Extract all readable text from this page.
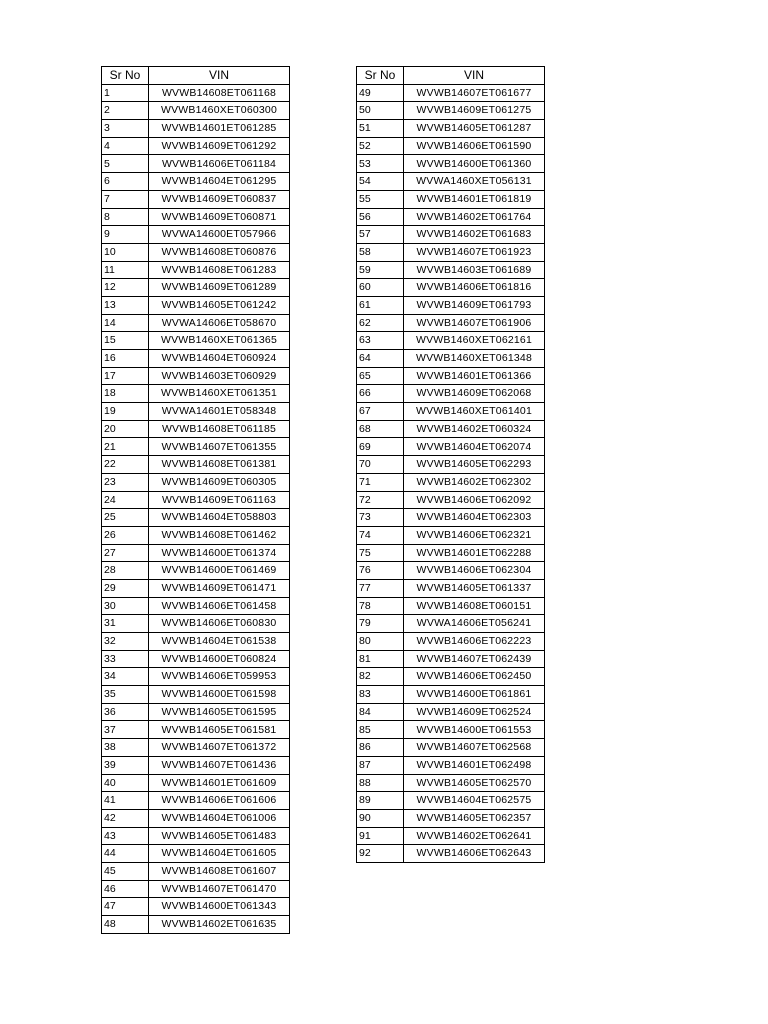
Sr No	VIN
1	WVWB14608ET061168
2	WVWB1460XET060300
3	WVWB14601ET061285
4	WVWB14609ET061292
5	WVWB14606ET061184
6	WVWB14604ET061295
7	WVWB14609ET060837
8	WVWB14609ET060871
9	WVWA14600ET057966
10	WVWB14608ET060876
11	WVWB14608ET061283
12	WVWB14609ET061289
13	WVWB14605ET061242
14	WVWA14606ET058670
15	WVWB1460XET061365
16	WVWB14604ET060924
17	WVWB14603ET060929
18	WVWB1460XET061351
19	WVWA14601ET058348
20	WVWB14608ET061185
21	WVWB14607ET061355
22	WVWB14608ET061381
23	WVWB14609ET060305
24	WVWB14609ET061163
25	WVWB14604ET058803
26	WVWB14608ET061462
27	WVWB14600ET061374
28	WVWB14600ET061469
29	WVWB14609ET061471
30	WVWB14606ET061458
31	WVWB14606ET060830
32	WVWB14604ET061538
33	WVWB14600ET060824
34	WVWB14606ET059953
35	WVWB14600ET061598
36	WVWB14605ET061595
37	WVWB14605ET061581
38	WVWB14607ET061372
39	WVWB14607ET061436
40	WVWB14601ET061609
41	WVWB14606ET061606
42	WVWB14604ET061006
43	WVWB14605ET061483
44	WVWB14604ET061605
45	WVWB14608ET061607
46	WVWB14607ET061470
47	WVWB14600ET061343
48	WVWB14602ET061635
Sr No	VIN
49	WVWB14607ET061677
50	WVWB14609ET061275
51	WVWB14605ET061287
52	WVWB14606ET061590
53	WVWB14600ET061360
54	WVWA1460XET056131
55	WVWB14601ET061819
56	WVWB14602ET061764
57	WVWB14602ET061683
58	WVWB14607ET061923
59	WVWB14603ET061689
60	WVWB14606ET061816
61	WVWB14609ET061793
62	WVWB14607ET061906
63	WVWB1460XET062161
64	WVWB1460XET061348
65	WVWB14601ET061366
66	WVWB14609ET062068
67	WVWB1460XET061401
68	WVWB14602ET060324
69	WVWB14604ET062074
70	WVWB14605ET062293
71	WVWB14602ET062302
72	WVWB14606ET062092
73	WVWB14604ET062303
74	WVWB14606ET062321
75	WVWB14601ET062288
76	WVWB14606ET062304
77	WVWB14605ET061337
78	WVWB14608ET060151
79	WVWA14606ET056241
80	WVWB14606ET062223
81	WVWB14607ET062439
82	WVWB14606ET062450
83	WVWB14600ET061861
84	WVWB14609ET062524
85	WVWB14600ET061553
86	WVWB14607ET062568
87	WVWB14601ET062498
88	WVWB14605ET062570
89	WVWB14604ET062575
90	WVWB14605ET062357
91	WVWB14602ET062641
92	WVWB14606ET062643
